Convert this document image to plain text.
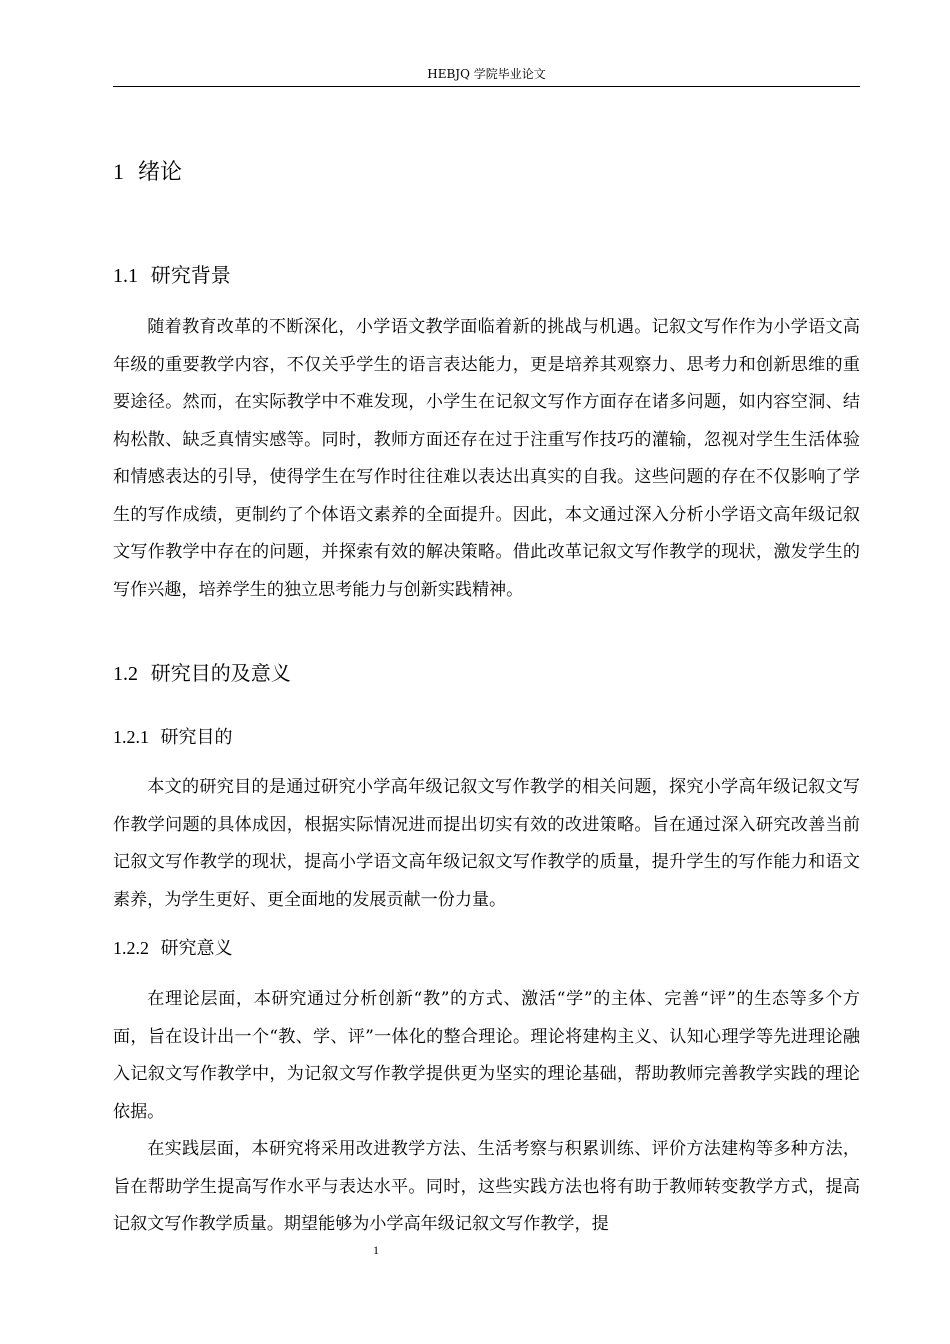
HEBJQ 学院毕业论文
1 绪论
1.1 研究背景

随着教育改革的不断深化，小学语文教学面临着新的挑战与机遇。记叙文写作作为小学语文高年级的重要教学内容，不仅关乎学生的语言表达能力，更是培养其观察力、思考力和创新思维的重要途径。然而，在实际教学中不难发现，小学生在记叙文写作方面存在诸多问题，如内容空洞、结构松散、缺乏真情实感等。同时，教师方面还存在过于注重写作技巧的灌输，忽视对学生生活体验和情感表达的引导，使得学生在写作时往往难以表达出真实的自我。这些问题的存在不仅影响了学生的写作成绩，更制约了个体语文素养的全面提升。因此，本文通过深入分析小学语文高年级记叙文写作教学中存在的问题，并探索有效的解决策略。借此改革记叙文写作教学的现状，激发学生的写作兴趣，培养学生的独立思考能力与创新实践精神。

1.2 研究目的及意义
1.2.1 研究目的

本文的研究目的是通过研究小学高年级记叙文写作教学的相关问题，探究小学高年级记叙文写作教学问题的具体成因，根据实际情况进而提出切实有效的改进策略。旨在通过深入研究改善当前记叙文写作教学的现状，提高小学语文高年级记叙文写作教学的质量，提升学生的写作能力和语文素养，为学生更好、更全面地的发展贡献一份力量。

1.2.2 研究意义

在理论层面，本研究通过分析创新“教”的方式、激活“学”的主体、完善“评”的生态等多个方面，旨在设计出一个“教、学、评”一体化的整合理论。理论将建构主义、认知心理学等先进理论融入记叙文写作教学中，为记叙文写作教学提供更为坚实的理论基础，帮助教师完善教学实践的理论依据。

在实践层面，本研究将采用改进教学方法、生活考察与积累训练、评价方法建构等多种方法，旨在帮助学生提高写作水平与表达水平。同时，这些实践方法也将有助于教师转变教学方式，提高记叙文写作教学质量。期望能够为小学高年级记叙文写作教学，提

1
